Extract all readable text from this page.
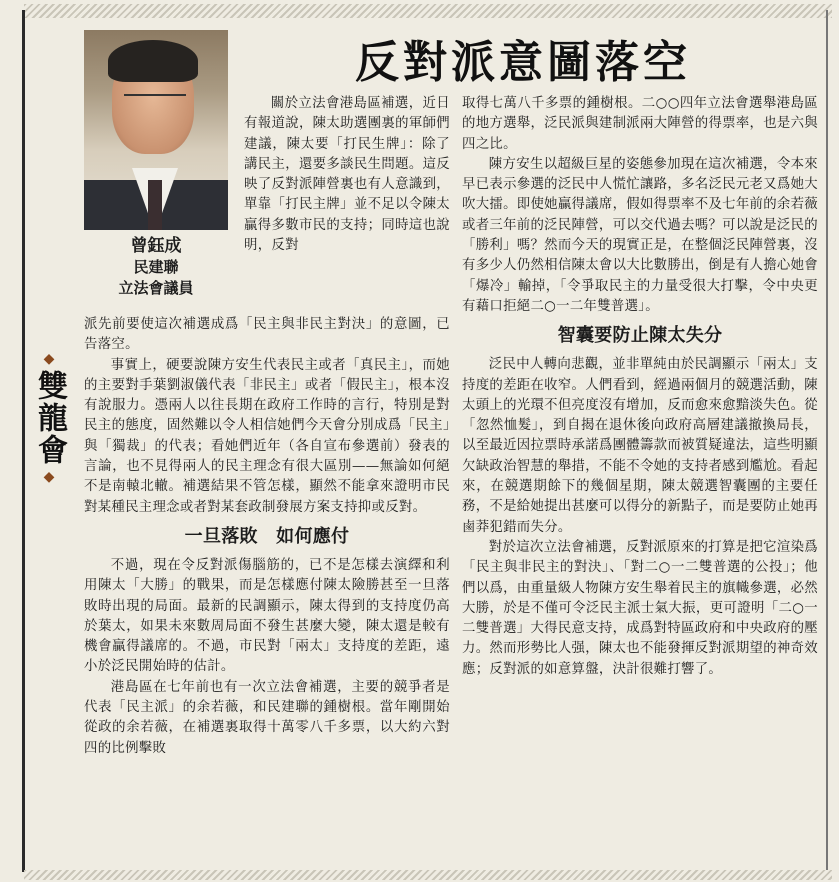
◆
雙龍會
◆
曾鈺成
民建聯
立法會議員
反對派意圖落空

關於立法會港島區補選，近日有報道說，陳太助選團裏的軍師們建議，陳太要「打民生牌」：除了講民主，還要多談民生問題。這反映了反對派陣營裏也有人意識到，單靠「打民主牌」並不足以令陳太贏得多數市民的支持；同時這也說明，反對

派先前要使這次補選成爲「民主與非民主對決」的意圖，已告落空。

事實上，硬要說陳方安生代表民主或者「真民主」，而她的主要對手葉劉淑儀代表「非民主」或者「假民主」，根本沒有說服力。憑兩人以往長期在政府工作時的言行，特別是對民主的態度，固然難以令人相信她們今天會分別成爲「民主」與「獨裁」的代表；看她們近年（各自宣布參選前）發表的言論，也不見得兩人的民主理念有很大區別——無論如何絕不是南轅北轍。補選結果不管怎樣，顯然不能拿來證明市民對某種民主理念或者對某套政制發展方案支持抑或反對。

一旦落敗　如何應付

不過，現在令反對派傷腦筋的，已不是怎樣去演繹和利用陳太「大勝」的戰果，而是怎樣應付陳太險勝甚至一旦落敗時出現的局面。最新的民調顯示，陳太得到的支持度仍高於葉太，如果未來數周局面不發生甚麼大變，陳太還是較有機會贏得議席的。不過，市民對「兩太」支持度的差距，遠小於泛民開始時的估計。

港島區在七年前也有一次立法會補選，主要的競爭者是代表「民主派」的余若薇，和民建聯的鍾樹根。當年剛開始從政的余若薇，在補選裏取得十萬零八千多票，以大約六對四的比例擊敗

取得七萬八千多票的鍾樹根。二○○四年立法會選舉港島區的地方選舉，泛民派與建制派兩大陣營的得票率，也是六與四之比。

陳方安生以超級巨星的姿態參加現在這次補選，令本來早已表示參選的泛民中人慌忙讓路，多名泛民元老又爲她大吹大擂。即使她贏得議席，假如得票率不及七年前的余若薇或者三年前的泛民陣營，可以交代過去嗎？可以說是泛民的「勝利」嗎？然而今天的現實正是，在整個泛民陣營裏，沒有多少人仍然相信陳太會以大比數勝出，倒是有人擔心她會「爆冷」輸掉，「令爭取民主的力量受很大打擊，令中央更有藉口拒絕二○一二年雙普選」。

智囊要防止陳太失分

泛民中人轉向悲觀，並非單純由於民調顯示「兩太」支持度的差距在收窄。人們看到，經過兩個月的競選活動，陳太頭上的光環不但亮度沒有增加，反而愈來愈黯淡失色。從「忽然恤髮」，到自揭在退休後向政府高層建議撤換局長，以至最近因拉票時承諾爲團體籌款而被質疑違法，這些明顯欠缺政治智慧的舉措，不能不令她的支持者感到尷尬。看起來，在競選期餘下的幾個星期，陳太競選智囊團的主要任務，不是給她提出甚麼可以得分的新點子，而是要防止她再鹵莽犯錯而失分。

對於這次立法會補選，反對派原來的打算是把它渲染爲「民主與非民主的對決」、「對二○一二雙普選的公投」；他們以爲，由重量級人物陳方安生舉着民主的旗幟參選，必然大勝，於是不僅可令泛民主派士氣大振，更可證明「二○一二雙普選」大得民意支持，成爲對特區政府和中央政府的壓力。然而形勢比人强，陳太也不能發揮反對派期望的神奇效應；反對派的如意算盤，決計很難打響了。
